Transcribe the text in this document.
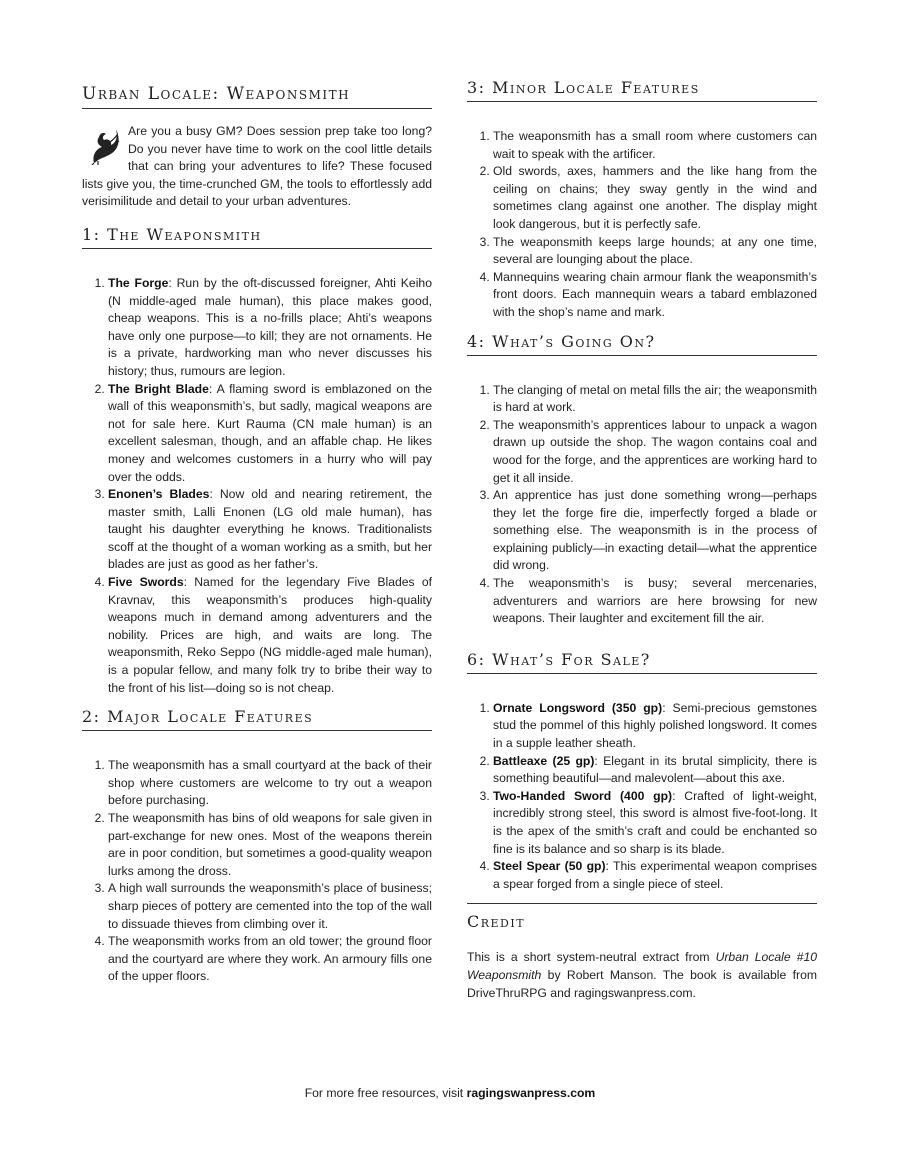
Urban Locale: Weaponsmith

Are you a busy GM? Does session prep take too long? Do you never have time to work on the cool little details that can bring your adventures to life? These focused lists give you, the time-crunched GM, the tools to effortlessly add verisimilitude and detail to your urban adventures.

1: The Weaponsmith
1. The Forge: Run by the oft-discussed foreigner, Ahti Keiho (N middle-aged male human), this place makes good, cheap weapons. This is a no-frills place; Ahti’s weapons have only one purpose—to kill; they are not ornaments. He is a private, hardworking man who never discusses his history; thus, rumours are legion.
2. The Bright Blade: A flaming sword is emblazoned on the wall of this weaponsmith’s, but sadly, magical weapons are not for sale here. Kurt Rauma (CN male human) is an excellent salesman, though, and an affable chap. He likes money and welcomes customers in a hurry who will pay over the odds.
3. Enonen’s Blades: Now old and nearing retirement, the master smith, Lalli Enonen (LG old male human), has taught his daughter everything he knows. Traditionalists scoff at the thought of a woman working as a smith, but her blades are just as good as her father’s.
4. Five Swords: Named for the legendary Five Blades of Kravnav, this weaponsmith’s produces high-quality weapons much in demand among adventurers and the nobility. Prices are high, and waits are long. The weaponsmith, Reko Seppo (NG middle-aged male human), is a popular fellow, and many folk try to bribe their way to the front of his list—doing so is not cheap.
2: Major Locale Features
1. The weaponsmith has a small courtyard at the back of their shop where customers are welcome to try out a weapon before purchasing.
2. The weaponsmith has bins of old weapons for sale given in part-exchange for new ones. Most of the weapons therein are in poor condition, but sometimes a good-quality weapon lurks among the dross.
3. A high wall surrounds the weaponsmith’s place of business; sharp pieces of pottery are cemented into the top of the wall to dissuade thieves from climbing over it.
4. The weaponsmith works from an old tower; the ground floor and the courtyard are where they work. An armoury fills one of the upper floors.
3: Minor Locale Features
1. The weaponsmith has a small room where customers can wait to speak with the artificer.
2. Old swords, axes, hammers and the like hang from the ceiling on chains; they sway gently in the wind and sometimes clang against one another. The display might look dangerous, but it is perfectly safe.
3. The weaponsmith keeps large hounds; at any one time, several are lounging about the place.
4. Mannequins wearing chain armour flank the weaponsmith’s front doors. Each mannequin wears a tabard emblazoned with the shop’s name and mark.
4: What’s Going On?
1. The clanging of metal on metal fills the air; the weaponsmith is hard at work.
2. The weaponsmith’s apprentices labour to unpack a wagon drawn up outside the shop. The wagon contains coal and wood for the forge, and the apprentices are working hard to get it all inside.
3. An apprentice has just done something wrong—perhaps they let the forge fire die, imperfectly forged a blade or something else. The weaponsmith is in the process of explaining publicly—in exacting detail—what the apprentice did wrong.
4. The weaponsmith’s is busy; several mercenaries, adventurers and warriors are here browsing for new weapons. Their laughter and excitement fill the air.
6: What’s For Sale?
1. Ornate Longsword (350 gp): Semi-precious gemstones stud the pommel of this highly polished longsword. It comes in a supple leather sheath.
2. Battleaxe (25 gp): Elegant in its brutal simplicity, there is something beautiful—and malevolent—about this axe.
3. Two-Handed Sword (400 gp): Crafted of light-weight, incredibly strong steel, this sword is almost five-foot-long. It is the apex of the smith’s craft and could be enchanted so fine is its balance and so sharp is its blade.
4. Steel Spear (50 gp): This experimental weapon comprises a spear forged from a single piece of steel.
Credit

This is a short system-neutral extract from Urban Locale #10 Weaponsmith by Robert Manson. The book is available from DriveThruRPG and ragingswanpress.com.

For more free resources, visit ragingswanpress.com
